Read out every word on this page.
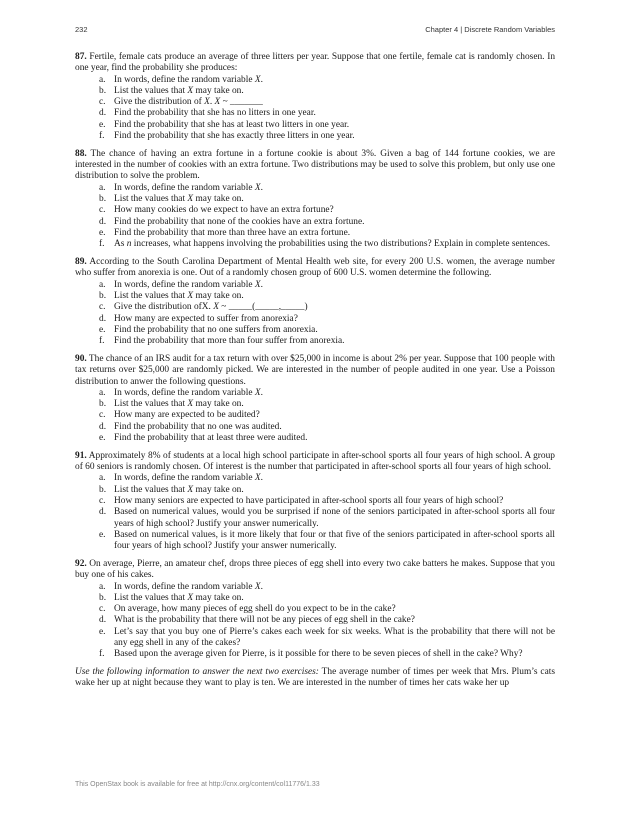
232	Chapter 4 | Discrete Random Variables

87. Fertile, female cats produce an average of three litters per year. Suppose that one fertile, female cat is randomly chosen. In one year, find the probability she produces:

a. In words, define the random variable X.
b. List the values that X may take on.
c. Give the distribution of X. X ~ _______
d. Find the probability that she has no litters in one year.
e. Find the probability that she has at least two litters in one year.
f. Find the probability that she has exactly three litters in one year.

88. The chance of having an extra fortune in a fortune cookie is about 3%. Given a bag of 144 fortune cookies, we are interested in the number of cookies with an extra fortune. Two distributions may be used to solve this problem, but only use one distribution to solve the problem.

a. In words, define the random variable X.
b. List the values that X may take on.
c. How many cookies do we expect to have an extra fortune?
d. Find the probability that none of the cookies have an extra fortune.
e. Find the probability that more than three have an extra fortune.
f. As n increases, what happens involving the probabilities using the two distributions? Explain in complete sentences.

89. According to the South Carolina Department of Mental Health web site, for every 200 U.S. women, the average number who suffer from anorexia is one. Out of a randomly chosen group of 600 U.S. women determine the following.

a. In words, define the random variable X.
b. List the values that X may take on.
c. Give the distribution ofX. X ~ _____(_____,_____)
d. How many are expected to suffer from anorexia?
e. Find the probability that no one suffers from anorexia.
f. Find the probability that more than four suffer from anorexia.

90. The chance of an IRS audit for a tax return with over $25,000 in income is about 2% per year. Suppose that 100 people with tax returns over $25,000 are randomly picked. We are interested in the number of people audited in one year. Use a Poisson distribution to anwer the following questions.

a. In words, define the random variable X.
b. List the values that X may take on.
c. How many are expected to be audited?
d. Find the probability that no one was audited.
e. Find the probability that at least three were audited.

91. Approximately 8% of students at a local high school participate in after-school sports all four years of high school. A group of 60 seniors is randomly chosen. Of interest is the number that participated in after-school sports all four years of high school.

a. In words, define the random variable X.
b. List the values that X may take on.
c. How many seniors are expected to have participated in after-school sports all four years of high school?
d. Based on numerical values, would you be surprised if none of the seniors participated in after-school sports all four years of high school? Justify your answer numerically.
e. Based on numerical values, is it more likely that four or that five of the seniors participated in after-school sports all four years of high school? Justify your answer numerically.

92. On average, Pierre, an amateur chef, drops three pieces of egg shell into every two cake batters he makes. Suppose that you buy one of his cakes.

a. In words, define the random variable X.
b. List the values that X may take on.
c. On average, how many pieces of egg shell do you expect to be in the cake?
d. What is the probability that there will not be any pieces of egg shell in the cake?
e. Let’s say that you buy one of Pierre’s cakes each week for six weeks. What is the probability that there will not be any egg shell in any of the cakes?
f. Based upon the average given for Pierre, is it possible for there to be seven pieces of shell in the cake? Why?

Use the following information to answer the next two exercises: The average number of times per week that Mrs. Plum’s cats wake her up at night because they want to play is ten. We are interested in the number of times her cats wake her up

This OpenStax book is available for free at http://cnx.org/content/col11776/1.33
